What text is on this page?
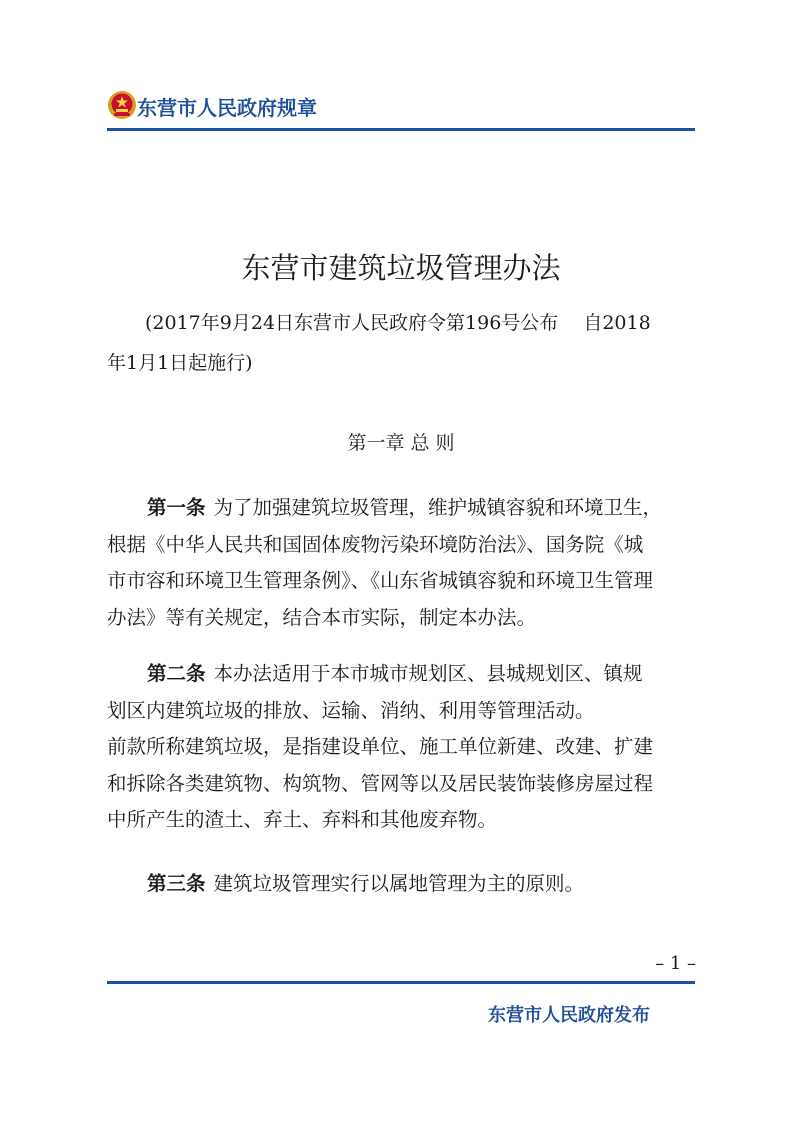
东营市人民政府规章
东营市建筑垃圾管理办法
(2017年9月24日东营市人民政府令第196号公布　 自2018
年1月1日起施行)
第一章 总 则
第一条 为了加强建筑垃圾管理，维护城镇容貌和环境卫生，
根据《中华人民共和国固体废物污染环境防治法》、国务院《城
市市容和环境卫生管理条例》、《山东省城镇容貌和环境卫生管理
办法》等有关规定，结合本市实际，制定本办法。
第二条 本办法适用于本市城市规划区、县城规划区、镇规
划区内建筑垃圾的排放、运输、消纳、利用等管理活动。
前款所称建筑垃圾，是指建设单位、施工单位新建、改建、扩建
和拆除各类建筑物、构筑物、管网等以及居民装饰装修房屋过程
中所产生的渣土、弃土、弃料和其他废弃物。
第三条 建筑垃圾管理实行以属地管理为主的原则。
– 1 –
东营市人民政府发布
